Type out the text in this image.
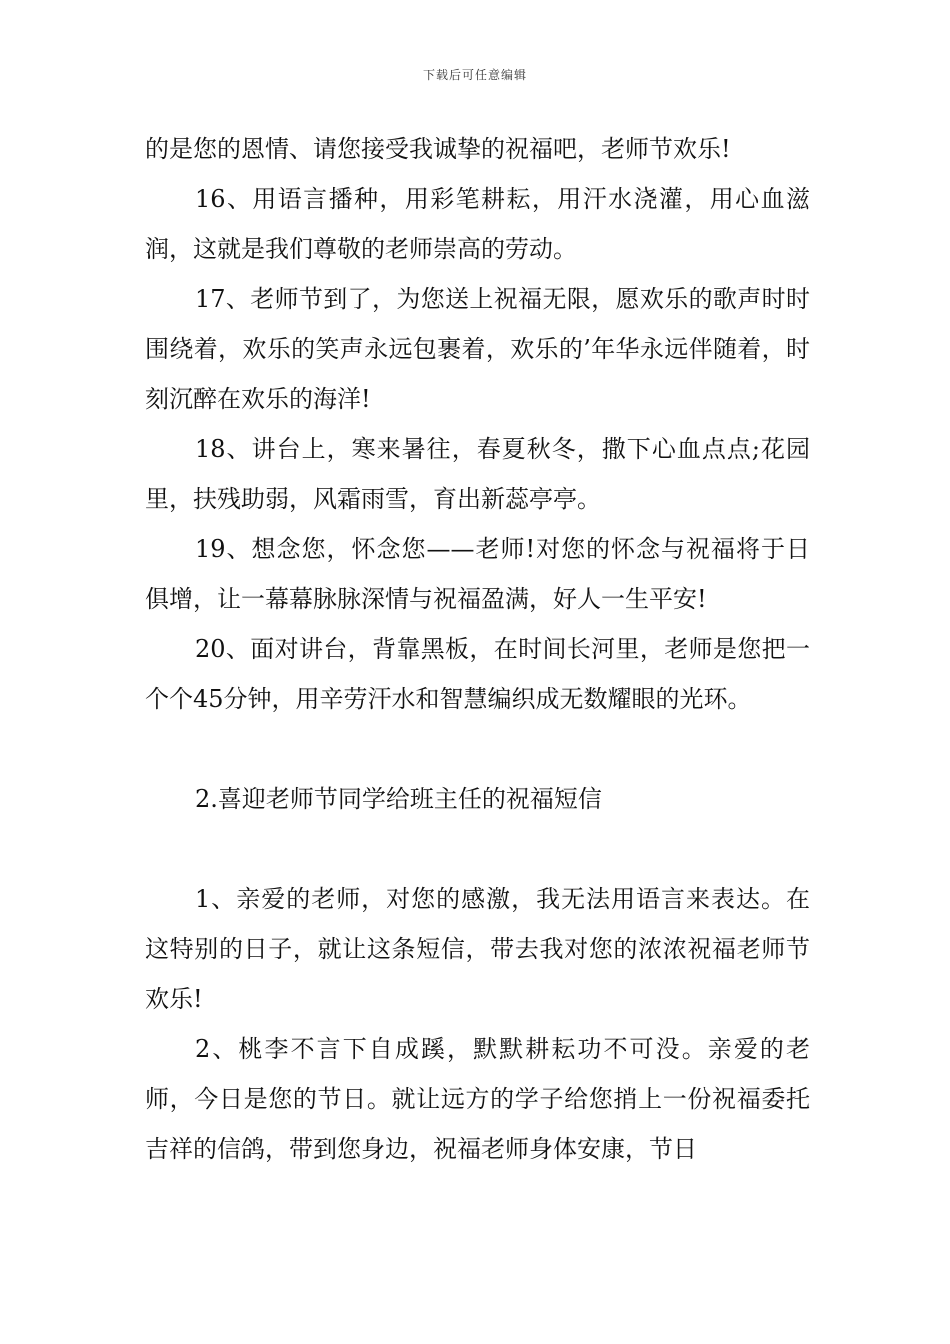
下载后可任意编辑

的是您的恩情、请您接受我诚挚的祝福吧，老师节欢乐!

16、用语言播种，用彩笔耕耘，用汗水浇灌，用心血滋润，这就是我们尊敬的老师崇高的劳动。

17、老师节到了，为您送上祝福无限，愿欢乐的歌声时时围绕着，欢乐的笑声永远包裹着，欢乐的’年华永远伴随着，时刻沉醉在欢乐的海洋!

18、讲台上，寒来暑往，春夏秋冬，撒下心血点点;花园里，扶残助弱，风霜雨雪，育出新蕊亭亭。

19、想念您，怀念您——老师!对您的怀念与祝福将于日俱增，让一幕幕脉脉深情与祝福盈满，好人一生平安!

20、面对讲台，背靠黑板，在时间长河里，老师是您把一个个45分钟，用辛劳汗水和智慧编织成无数耀眼的光环。

2.喜迎老师节同学给班主任的祝福短信

1、亲爱的老师，对您的感激，我无法用语言来表达。在这特别的日子，就让这条短信，带去我对您的浓浓祝福老师节欢乐!

2、桃李不言下自成蹊，默默耕耘功不可没。亲爱的老师，今日是您的节日。就让远方的学子给您捎上一份祝福委托吉祥的信鸽，带到您身边，祝福老师身体安康，节日
